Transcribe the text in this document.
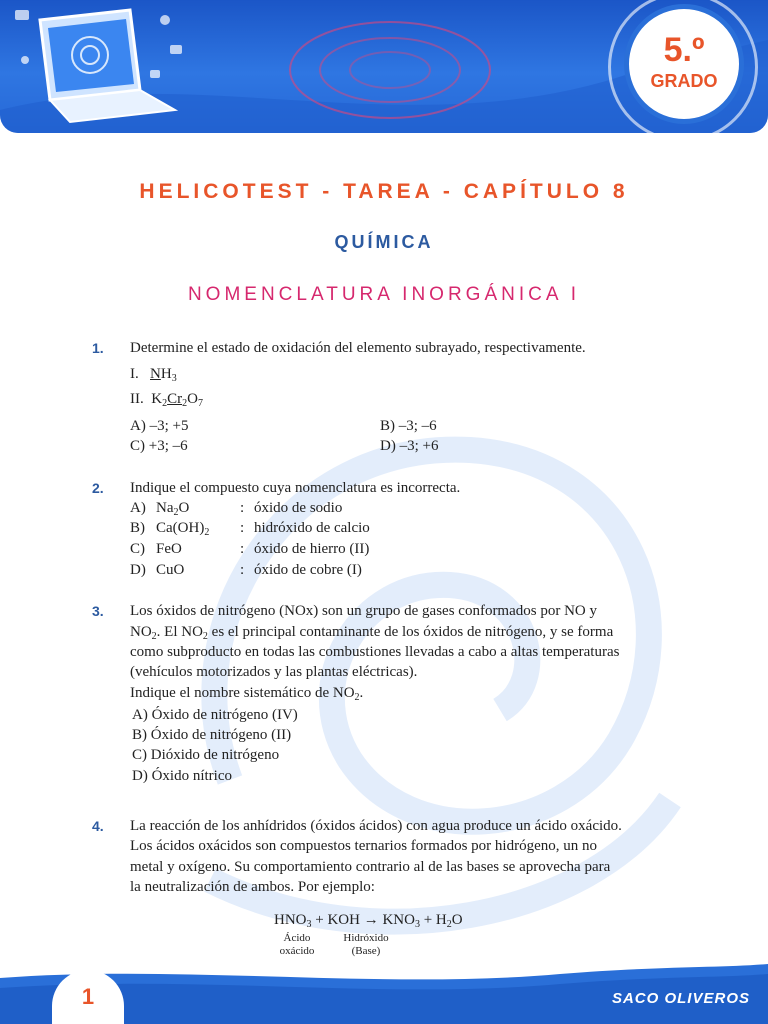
5.º
GRADO
HELICOTEST - TAREA - CAPÍTULO 8
QUÍMICA
NOMENCLATURA INORGÁNICA I
1. Determine el estado de oxidación del elemento subrayado, respectivamente.
I. $NH_3$
II.  $K_2Cr_2O_7$
A) –3; +5	B) –3; –6
C) +3; –6	D) –3; +6
2. Indique el compuesto cuya nomenclatura es incorrecta.
A) $Na_2O$	: óxido de sodio
B) $Ca(OH)_2$ : hidróxido de calcio
C) FeO	: óxido de hierro (II)
D) CuO	: óxido de cobre (I)
3. Los óxidos de nitrógeno (NOx) son un grupo de gases conformados por NO y
$NO_2$. El $NO_2$ es el principal contaminante de los óxidos de nitrógeno, y se forma
como subproducto en todas las combustiones llevadas a cabo a altas temperaturas
(vehículos motorizados y las plantas eléctricas).
Indique el nombre sistemático de $NO_2$.
A) Óxido de nitrógeno (IV)
B) Óxido de nitrógeno (II)
C) Dióxido de nitrógeno
D) Óxido nítrico
4. La reacción de los anhídridos (óxidos ácidos) con agua produce un ácido oxácido.
Los ácidos oxácidos son compuestos ternarios formados por hidrógeno, un no
metal y oxígeno. Su comportamiento contrario al de las bases se aprovecha para
la neutralización de ambos. Por ejemplo:
$HNO_3$ + KOH → $KNO_3 + H_2O$
Ácido
oxácido
Hidróxido
(Base)
1	SACO OLIVEROS
